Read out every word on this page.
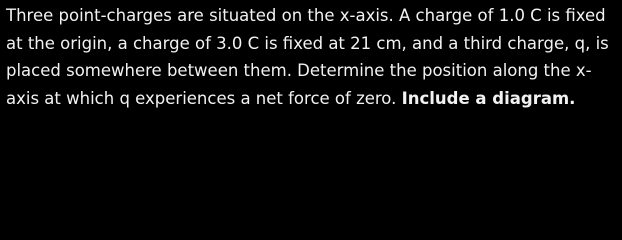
Three point-charges are situated on the x-axis. A charge of 1.0 C is fixed
at the origin, a charge of 3.0 C is fixed at 21 cm, and a third charge, q, is
placed somewhere between them. Determine the position along the x-
axis at which q experiences a net force of zero. Include a diagram.
